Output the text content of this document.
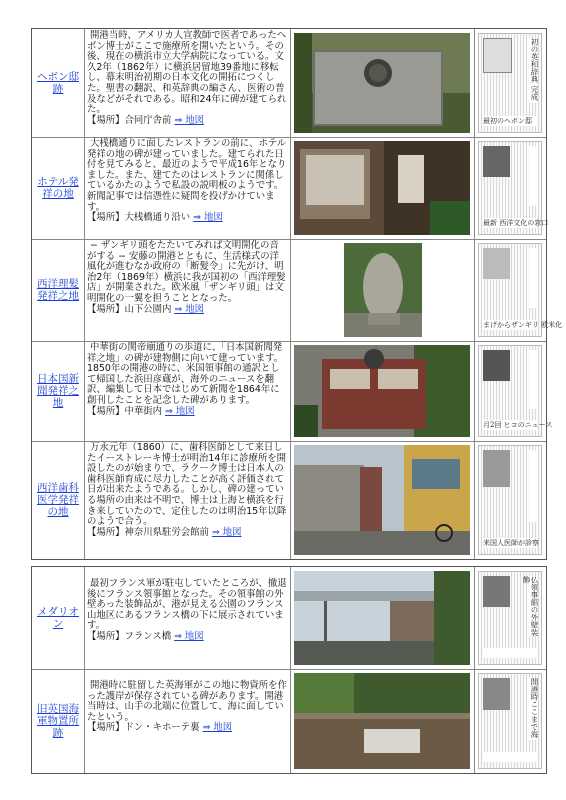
ヘボン邸跡
開港当時、アメリカ人宣教師で医者であったヘボン博士がここで施療所を開いたという。その後、現在の横浜市立大学病院になっている。文久2年（1862年）に横浜居留地39番地に移転し、幕末明治初期の日本文化の開拓につくした。聖書の翻訳、和英辞典の編さん、医術の普及などがそれである。昭和24年に碑が建てられた。
【場所】合同庁舎前 ⇒ 地図
初の英和辞典 完成
最初のヘボン邸
ホテル発祥の地
大桟橋通りに面したレストランの前に、ホテル発祥の地の碑が建っていました。建てられた日付を見てみると、最近のようで平成16年となりました。また、建てたのはレストランに関係しているかたのようで私設の説明板のようです。新聞記事では信憑性に疑問を投げかけています。
【場所】大桟橋通り沿い ⇒ 地図	最新 西洋文化の窓口
西洋理髪発祥之地
− ザンギリ頭をたたいてみれば文明開化の音がする − 安藤の開港とともに、生活様式の洋風化が進むなか政府の「断髪令」に先がけ、明治2年（1869年）横浜に我が国初の「西洋理髪店」が開業された。欧米風「ザンギリ頭」は文明開化の一翼を担うこととなった。
【場所】山下公園内 ⇒ 地図
まげからザンギリ 欧米化
日本国新聞発祥之地
中華街の関帝廟通りの歩道に、「日本国新聞発祥之地」の碑が建物側に向いて建っています。1850年の開港の時に、米国領事館の通訳として帰国した浜田彦蔵が、海外のニュースを翻訳、編集して日本ではじめて新聞を1864年に創刊したことを記念した碑があります。
【場所】中華街内 ⇒ 地図
月2回 ヒコのニュース
西洋歯科医学発祥の地
万永元年（1860）に、歯科医師として来日したイーストレーキ博士が明治14年に診療所を開設したのが始まりで、ラクーク博士は日本人の歯科医師育成に尽力したことが高く評価されて日が出来たようである。しかし、碑の建っている場所の由来は不明で、博士は上海と横浜を行き来していたので、定住したのは明治15年以降のようで合う。
【場所】神奈川県駐労会館前 ⇒ 地図
来国人医師が診察
メダリオン
最初フランス軍が駐屯していたところが、撤退後にフランス領事館となった。その領事館の外壁あった装飾品が、港が見える公園のフランス山地区にあるフランス橋の下に展示されています。
【場所】フランス橋 ⇒ 地図
仏領事館の外壁装飾
旧英国海軍物置所跡
開港時に駐留した英海軍がこの地に物資所を作った護岸が保存されている碑があります。開港当時は、山手の北端に位置して、海に面していたという。
【場所】ドン・キホーテ裏 ⇒ 地図	開港時ここまで海
